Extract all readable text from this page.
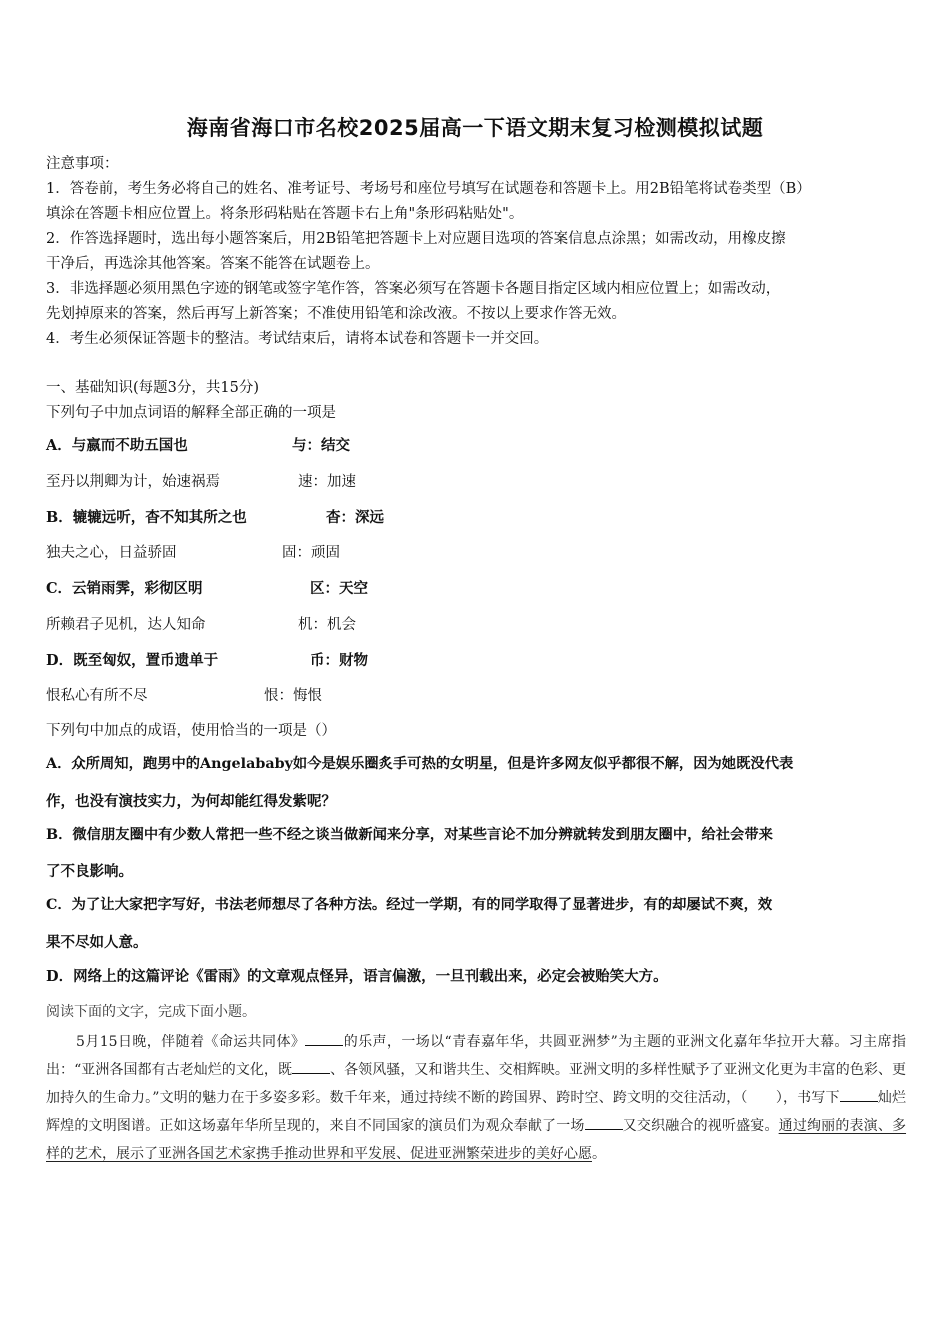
海南省海口市名校2025届高一下语文期末复习检测模拟试题
注意事项：
1．答卷前，考生务必将自己的姓名、准考证号、考场号和座位号填写在试题卷和答题卡上。用2B铅笔将试卷类型（B）
填涂在答题卡相应位置上。将条形码粘贴在答题卡右上角"条形码粘贴处"。
2．作答选择题时，选出每小题答案后，用2B铅笔把答题卡上对应题目选项的答案信息点涂黑；如需改动，用橡皮擦
干净后，再选涂其他答案。答案不能答在试题卷上。
3．非选择题必须用黑色字迹的钢笔或签字笔作答，答案必须写在答题卡各题目指定区域内相应位置上；如需改动，
先划掉原来的答案，然后再写上新答案；不准使用铅笔和涂改液。不按以上要求作答无效。
4．考生必须保证答题卡的整洁。考试结束后，请将本试卷和答题卡一并交回。
一、基础知识(每题3分，共15分)
下列句子中加点词语的解释全部正确的一项是
A．与嬴而不助五国也	与：结交
至丹以荆卿为计，始速祸焉	速：加速
B．辘辘远听，杳不知其所之也	杳：深远
独夫之心，日益骄固	固：顽固
C．云销雨霁，彩彻区明	区：天空
所赖君子见机，达人知命	机：机会
D．既至匈奴，置币遗单于	币：财物
恨私心有所不尽	恨：悔恨
下列句中加点的成语，使用恰当的一项是（）
A．众所周知，跑男中的Angelababy如今是娱乐圈炙手可热的女明星，但是许多网友似乎都很不解，因为她既没代表
作，也没有演技实力，为何却能红得发紫呢？
B．微信朋友圈中有少数人常把一些不经之谈当做新闻来分享，对某些言论不加分辨就转发到朋友圈中，给社会带来
了不良影响。
C．为了让大家把字写好，书法老师想尽了各种方法。经过一学期，有的同学取得了显著进步，有的却屡试不爽，效
果不尽如人意。
D．网络上的这篇评论《雷雨》的文章观点怪异，语言偏激，一旦刊载出来，必定会被贻笑大方。
阅读下面的文字，完成下面小题。
5月15日晚，伴随着《命运共同体》	的乐声，一场以“青春嘉年华，共圆亚洲梦”为主题的亚洲文化嘉年华拉开大幕。习主席指出：“亚洲各国都有古老灿烂的文化，既	、各领风骚，又和谐共生、交相辉映。亚洲文明的多样性赋予了亚洲文化更为丰富的色彩、更加持久的生命力。”文明的魅力在于多姿多彩。数千年来，通过持续不断的跨国界、跨时空、跨文明的交往活动，（　　），书写下	灿烂辉煌的文明图谱。正如这场嘉年华所呈现的，来自不同国家的演员们为观众奉献了一场	又交织融合的视听盛宴。通过绚丽的表演、多样的艺术，展示了亚洲各国艺术家携手推动世界和平发展、促进亚洲繁荣进步的美好心愿。
